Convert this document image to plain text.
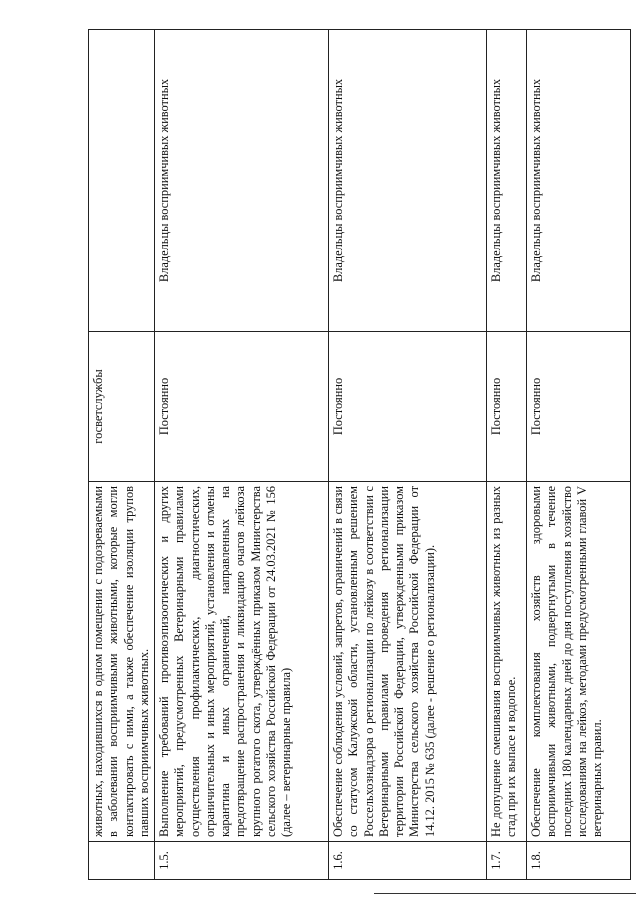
	животных, находившихся в одном помещении с подозреваемыми в заболевании восприимчивыми животными, которые могли контактировать с ними, а также обеспечение изоляции трупов павших восприимчивых животных.	госветслужбы	
1.5.	Выполнение требований противоэпизоотических и других мероприятий, предусмотренных Ветеринарными правилами осуществления профилактических, диагностических, ограничительных и иных мероприятий, установления и отмены карантина и иных ограничений, направленных на предотвращение распространения и ликвидацию очагов лейкоза крупного рогатого скота, утверждённых приказом Министерства сельского хозяйства Российской Федерации от 24.03.2021 № 156 (далее – ветеринарные правила)	Постоянно	Владельцы восприимчивых животных
1.6.	Обеспечение соблюдения условий, запретов, ограничений в связи со статусом Калужской области, установленным решением Россельхознадзора о регионализации по лейкозу в соответствии с Ветеринарными правилами проведения регионализации территории Российской Федерации, утвержденными приказом Министерства сельского хозяйства Российской Федерации от 14.12. 2015 № 635 (далее - решение о регионализации).	Постоянно	Владельцы восприимчивых животных
1.7.	Не допущение смешивания восприимчивых животных из разных стад при их выпасе и водопое.	Постоянно	Владельцы восприимчивых животных
1.8.	Обеспечение комплектования хозяйств здоровыми восприимчивыми животными, подвергнутыми в течение последних 180 календарных дней до дня поступления в хозяйство исследованиям на лейкоз, методами предусмотренными главой V ветеринарных правил.	Постоянно	Владельцы восприимчивых животных
